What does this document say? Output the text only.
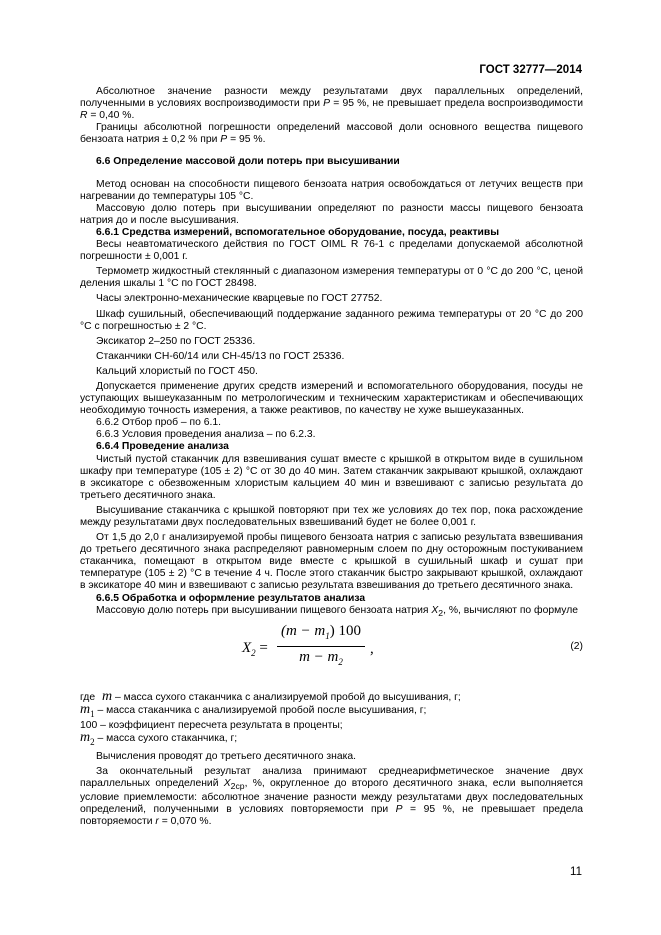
ГОСТ 32777—2014

Абсолютное значение разности между результатами двух параллельных определений, полученными в условиях воспроизводимости при P = 95 %, не превышает предела воспроизводимости R = 0,40 %.

Границы абсолютной погрешности определений массовой доли основного вещества пищевого бензоата натрия ± 0,2 % при P = 95 %.

6.6 Определение массовой доли потерь при высушивании

Метод основан на способности пищевого бензоата натрия освобождаться от летучих веществ при нагревании до температуры 105 °С.

Массовую долю потерь при высушивании определяют по разности массы пищевого бензоата натрия до и после высушивания.

6.6.1 Средства измерений, вспомогательное оборудование, посуда, реактивы

Весы неавтоматического действия по ГОСТ OIML R 76-1 с пределами допускаемой абсолютной погрешности ± 0,001 г.

Термометр жидкостный стеклянный с диапазоном измерения температуры от 0 °С до 200 °С, ценой деления шкалы 1 °С по ГОСТ 28498.

Часы электронно-механические кварцевые по ГОСТ 27752.

Шкаф сушильный, обеспечивающий поддержание заданного режима температуры от 20 °С до 200 °С с погрешностью ± 2 °С.

Эксикатор 2–250 по ГОСТ 25336.

Стаканчики СН-60/14 или СН-45/13 по ГОСТ 25336.

Кальций хлористый по ГОСТ 450.

Допускается применение других средств измерений и вспомогательного оборудования, посуды не уступающих вышеуказанным по метрологическим и техническим характеристикам и обеспечивающих необходимую точность измерения, а также реактивов, по качеству не хуже вышеуказанных.

6.6.2 Отбор проб – по 6.1.

6.6.3 Условия проведения анализа – по 6.2.3.

6.6.4 Проведение анализа

Чистый пустой стаканчик для взвешивания сушат вместе с крышкой в открытом виде в сушильном шкафу при температуре (105 ± 2) °С от 30 до 40 мин. Затем стаканчик закрывают крышкой, охлаждают в эксикаторе с обезвоженным хлористым кальцием 40 мин и взвешивают с записью результата до третьего десятичного знака.

Высушивание стаканчика с крышкой повторяют при тех же условиях до тех пор, пока расхождение между результатами двух последовательных взвешиваний будет не более 0,001 г.

От 1,5 до 2,0 г анализируемой пробы пищевого бензоата натрия с записью результата взвешивания до третьего десятичного знака распределяют равномерным слоем по дну осторожным постукиванием стаканчика, помещают в открытом виде вместе с крышкой в сушильный шкаф и сушат при температуре (105 ± 2) °С в течение 4 ч. После этого стаканчик быстро закрывают крышкой, охлаждают в эксикаторе 40 мин и взвешивают с записью результата взвешивания до третьего десятичного знака.

6.6.5 Обработка и оформление результатов анализа

Массовую долю потерь при высушивании пищевого бензоата натрия $X_2$, %, вычисляют по формуле

$X_2$ =
$(m - m_1)$ 100
$m - m_2$
,	(2)

где m – масса сухого стаканчика с анализируемой пробой до высушивания, г;

$m_1$ – масса стаканчика с анализируемой пробой после высушивания, г;

100 – коэффициент пересчета результата в проценты;

$m_2$ – масса сухого стаканчика, г;

Вычисления проводят до третьего десятичного знака.

За окончательный результат анализа принимают среднеарифметическое значение двух параллельных определений $X_{2ср}$, %, округленное до второго десятичного знака, если выполняется условие приемлемости: абсолютное значение разности между результатами двух последовательных определений, полученными в условиях повторяемости при P = 95 %, не превышает предела повторяемости r = 0,070 %.

11
